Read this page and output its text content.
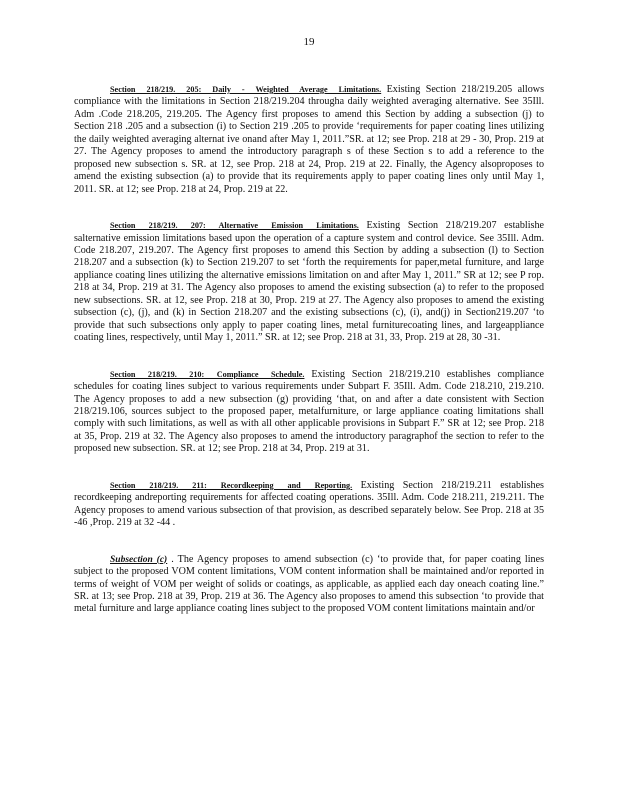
19

Section 218/219. 205: Daily - Weighted Average Limitations. Existing Section 218/219.205 allows compliance with the limitations in Section 218/219.204 througha daily weighted averaging alternative. See 35Ill. Adm .Code 218.205, 219.205. The Agency first proposes to amend this Section by adding a subsection (j) to Section 218 .205 and a subsection (i) to Section 219 .205 to provide ‘requirements for paper coating lines utilizing the daily weighted averaging alternat ive onand after May 1, 2011.”SR. at 12; see Prop. 218 at 29 - 30, Prop. 219 at 27. The Agency proposes to amend the introductory paragraph s of these Section s to add a reference to the proposed new subsection s. SR. at 12, see Prop. 218 at 24, Prop. 219 at 22. Finally, the Agency alsoproposes to amend the existing subsection (a) to provide that its requirements apply to paper coating lines only until May 1, 2011. SR. at 12; see Prop. 218 at 24, Prop. 219 at 22.

Section 218/219. 207: Alternative Emission Limitations. Existing Section 218/219.207 establishe salternative emission limitations based upon the operation of a capture system and control device. See 35Ill. Adm. Code 218.207, 219.207. The Agency first proposes to amend this Section by adding a subsection (l) to Section 218.207 and a subsection (k) to Section 219.207 to set ‘forth the requirements for paper,metal furniture, and large appliance coating lines utilizing the alternative emissions limitation on and after May 1, 2011.” SR at 12; see P rop. 218 at 34, Prop. 219 at 31. The Agency also proposes to amend the existing subsection (a) to refer to the proposed new subsections. SR. at 12, see Prop. 218 at 30, Prop. 219 at 27. The Agency also proposes to amend the existing subsection (c), (j), and (k) in Section 218.207 and the existing subsections (c), (i), and(j) in Section219.207 ‘to provide that such subsections only apply to paper coating lines, metal furniturecoating lines, and largeappliance coating lines, respectively, until May 1, 2011.” SR. at 12; see Prop. 218 at 31, 33, Prop. 219 at 28, 30 -31.

Section 218/219. 210: Compliance Schedule. Existing Section 218/219.210 establishes compliance schedules for coating lines subject to various requirements under Subpart F. 35Ill. Adm. Code 218.210, 219.210. The Agency proposes to add a new subsection (g) providing ‘that, on and after a date consistent with Section 218/219.106, sources subject to the proposed paper, metalfurniture, or large appliance coating limitations shall comply with such limitations, as well as with all other applicable provisions in Subpart F.” SR at 12; see Prop. 218 at 35, Prop. 219 at 32. The Agency also proposes to amend the introductory paragraphof the section to refer to the proposed new subsection. SR. at 12; see Prop. 218 at 34, Prop. 219 at 31.

Section 218/219. 211: Recordkeeping and Reporting. Existing Section 218/219.211 establishes recordkeeping andreporting requirements for affected coating operations. 35Ill. Adm. Code 218.211, 219.211. The Agency proposes to amend various subsection of that provision, as described separately below. See Prop. 218 at 35 -46 ,Prop. 219 at 32 -44 .

Subsection (c) . The Agency proposes to amend subsection (c) ‘to provide that, for paper coating lines subject to the proposed VOM content limitations, VOM content information shall be maintained and/or reported in terms of weight of VOM per weight of solids or coatings, as applicable, as applied each day oneach coating line.” SR. at 13; see Prop. 218 at 39, Prop. 219 at 36. The Agency also proposes to amend this subsection ‘to provide that metal furniture and large appliance coating lines subject to the proposed VOM content limitations maintain and/or
